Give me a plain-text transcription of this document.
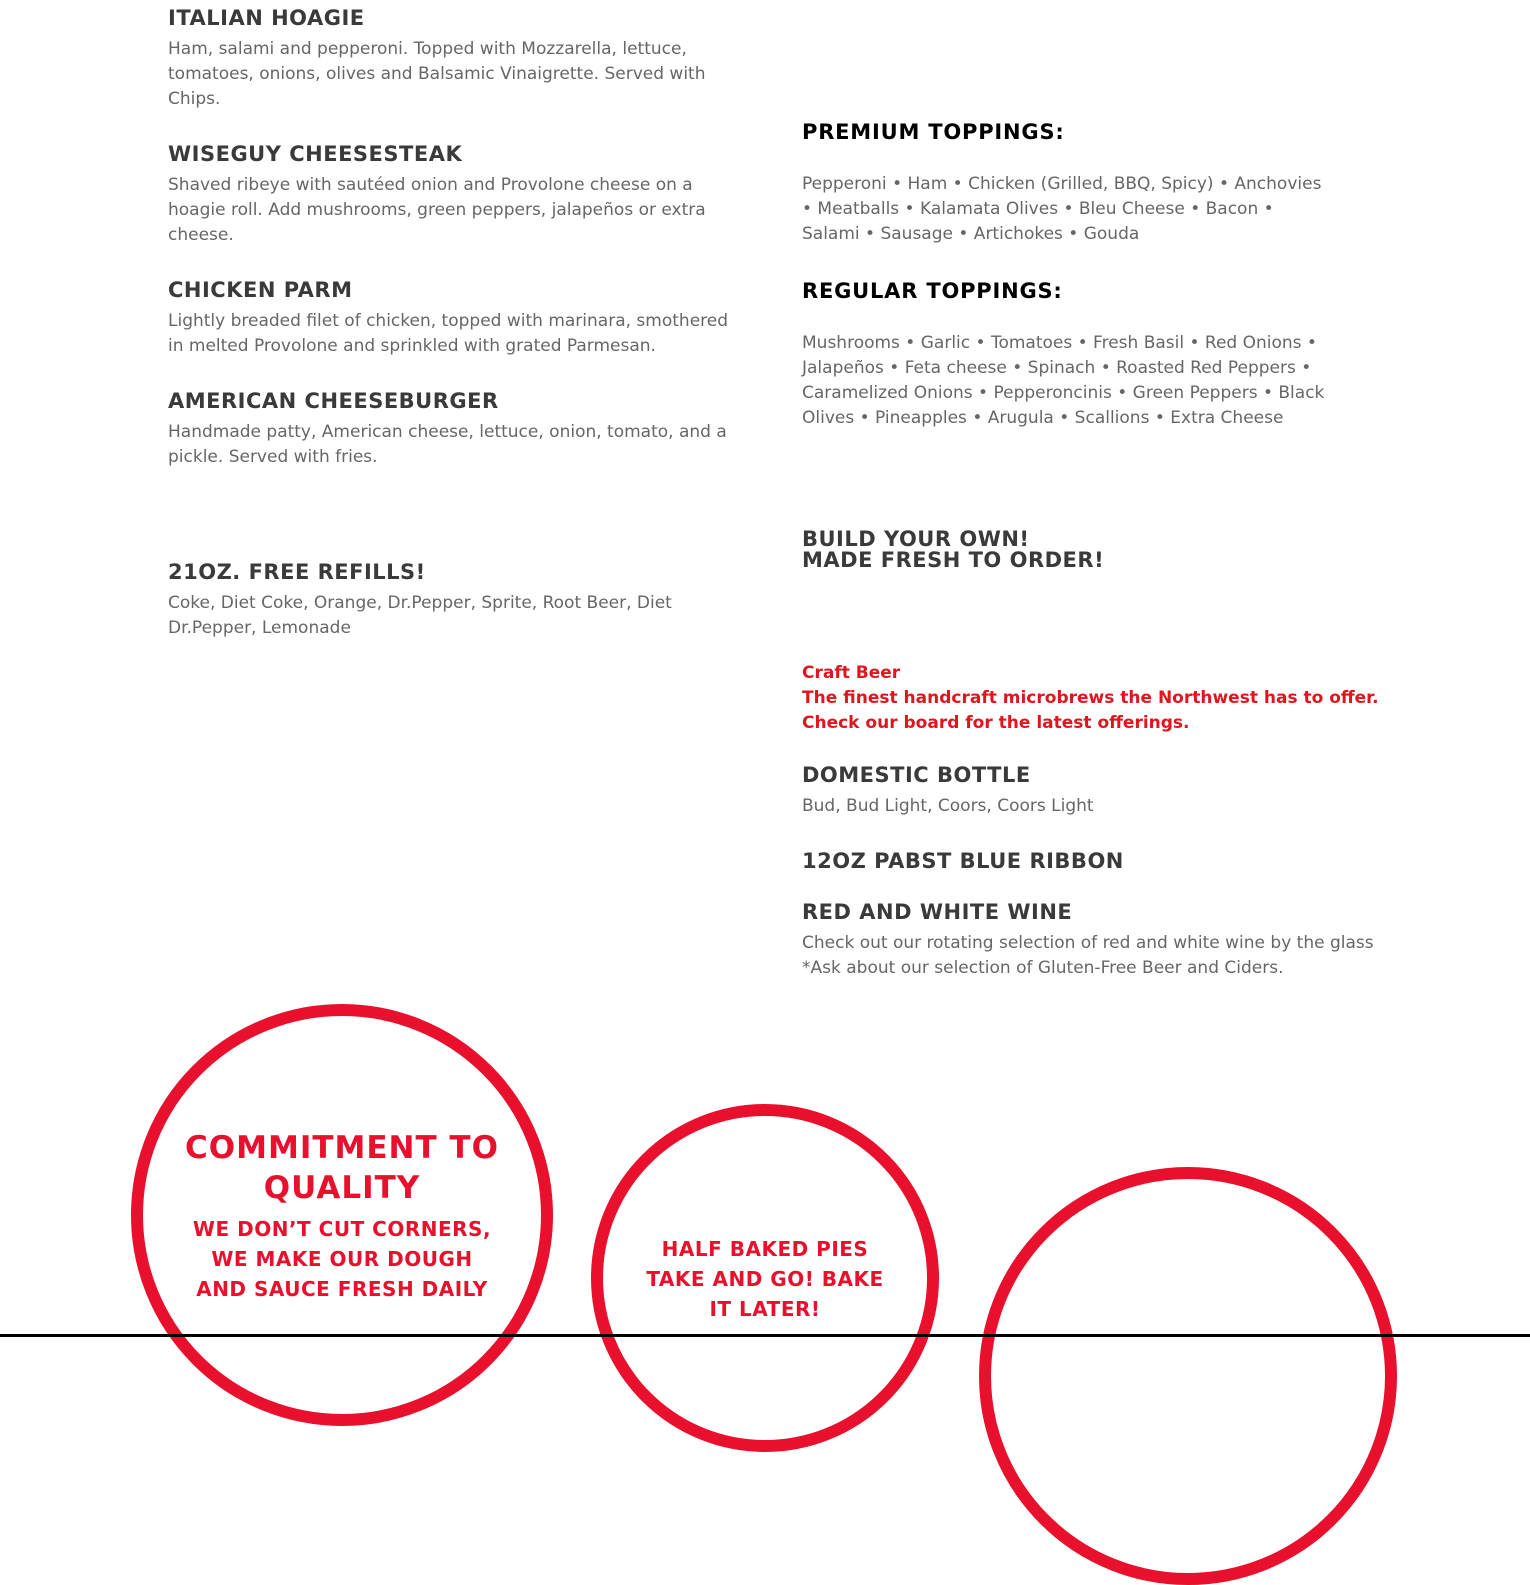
ITALIAN HOAGIE

Ham, salami and pepperoni. Topped with Mozzarella, lettuce, tomatoes, onions, olives and Balsamic Vinaigrette. Served with Chips.

WISEGUY CHEESESTEAK

Shaved ribeye with sautéed onion and Provolone cheese on a hoagie roll. Add mushrooms, green peppers, jalapeños or extra cheese.

CHICKEN PARM

Lightly breaded filet of chicken, topped with marinara, smothered in melted Provolone and sprinkled with grated Parmesan.

AMERICAN CHEESEBURGER

Handmade patty, American cheese, lettuce, onion, tomato, and a pickle. Served with fries.

21OZ. FREE REFILLS!

Coke, Diet Coke, Orange, Dr.Pepper, Sprite, Root Beer, Diet Dr.Pepper, Lemonade

PREMIUM TOPPINGS:

Pepperoni • Ham • Chicken (Grilled, BBQ, Spicy) • Anchovies • Meatballs • Kalamata Olives • Bleu Cheese • Bacon • Salami • Sausage • Artichokes • Gouda

REGULAR TOPPINGS:

Mushrooms • Garlic • Tomatoes • Fresh Basil • Red Onions • Jalapeños • Feta cheese • Spinach • Roasted Red Peppers • Caramelized Onions • Pepperoncinis • Green Peppers • Black Olives • Pineapples • Arugula • Scallions • Extra Cheese

BUILD YOUR OWN!
MADE FRESH TO ORDER!

Craft Beer

The finest handcraft microbrews the Northwest has to offer.

Check our board for the latest offerings.

DOMESTIC BOTTLE

Bud, Bud Light, Coors, Coors Light

12OZ PABST BLUE RIBBON
RED AND WHITE WINE

Check out our rotating selection of red and white wine by the glass

*Ask about our selection of Gluten-Free Beer and Ciders.

COMMITMENT TO QUALITY

WE DON’T CUT CORNERS, WE MAKE OUR DOUGH AND SAUCE FRESH DAILY

HALF BAKED PIES TAKE AND GO! BAKE IT LATER!
